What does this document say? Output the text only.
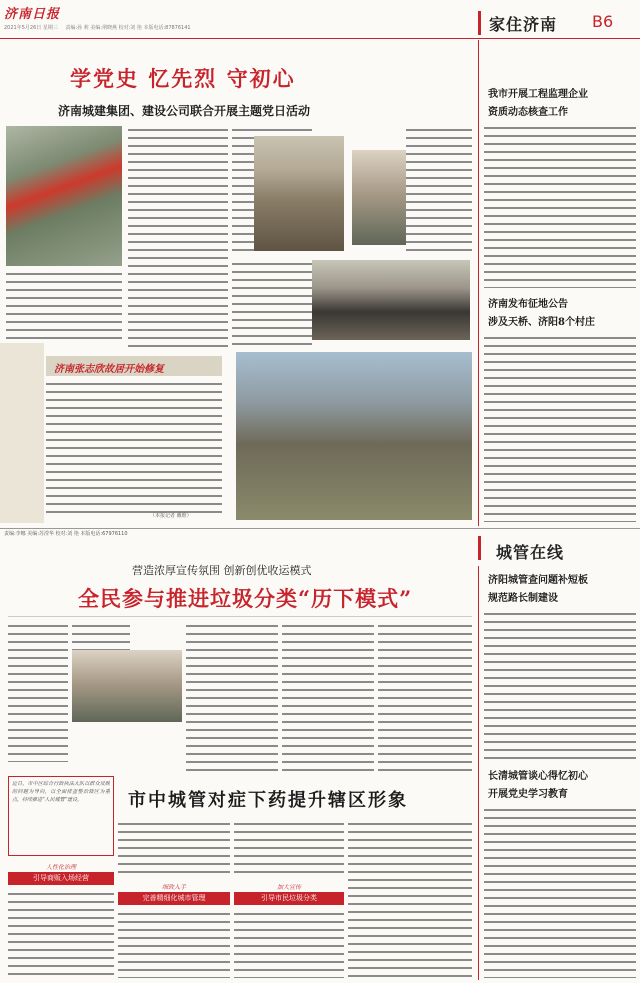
济南日报
2021年5月26日 星期三 责编:孙 莉 美编:荆晓燕 校对:刘 艳 本版电话:87876141	家住济南 B6
学党史 忆先烈 守初心
济南城建集团、建设公司联合开展主题党日活动
济南张志欣故居开始修复
（本报记者 戴维）
我市开展工程监理企业
资质动态核查工作
济南发布征地公告
涉及天桥、济阳8个村庄
责编:李娜 美编:苏滢华 校对:刘 艳 本版电话:67976110
城管在线
营造浓厚宣传氛围 创新创优收运模式
全民参与推进垃圾分类“历下模式”
市中城管对症下药提升辖区形象
近日，市中区综合行政执法大队以群众反映的问题为导向，以全面排查整治辖区为重点，持续推进“人民城管”建设。
人性化治理
引导商贩入场经营
细致入手
完善精细化城市管理
加大宣传
引导市民垃圾分类
济阳城管查问题补短板
规范路长制建设
长清城管谈心得忆初心
开展党史学习教育
